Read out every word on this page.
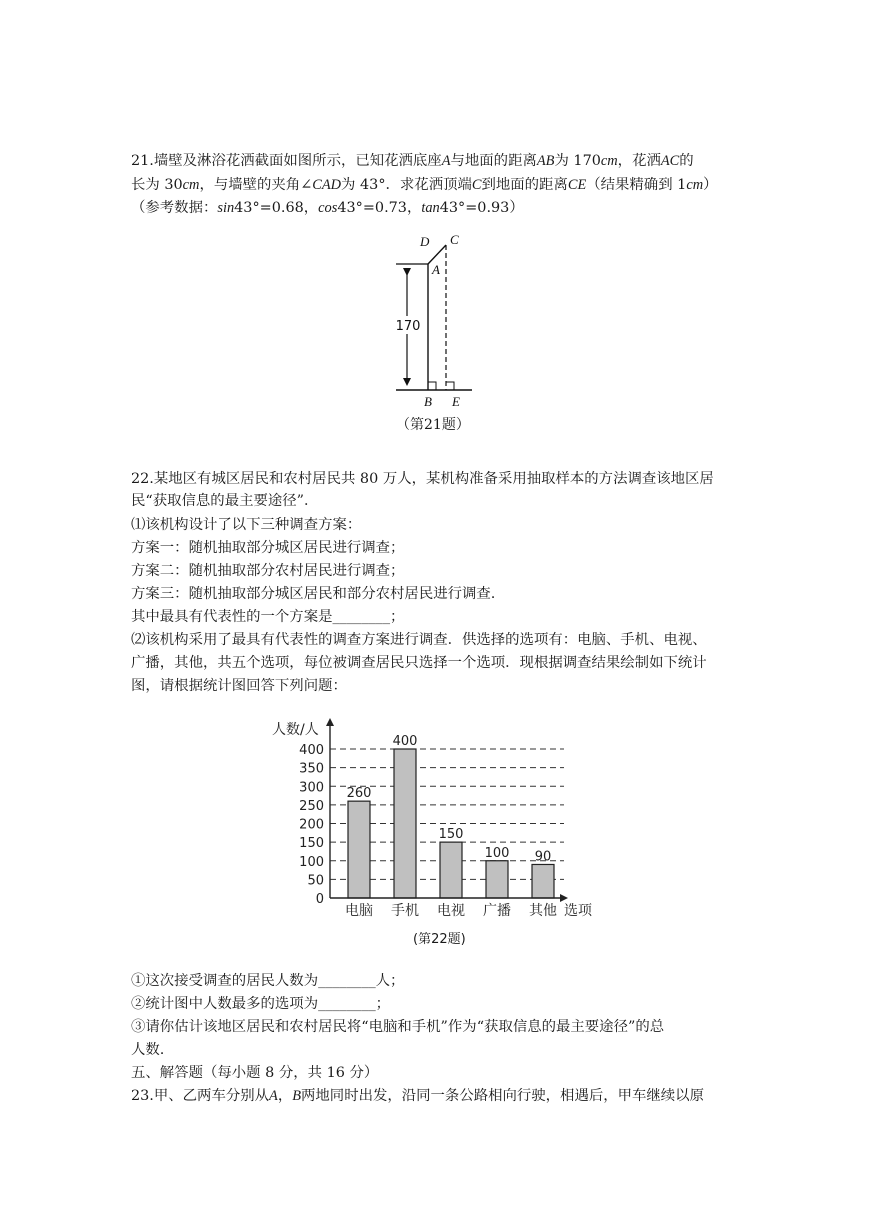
21.墙壁及淋浴花洒截面如图所示，已知花洒底座A与地面的距离AB为 170cm，花洒AC的
长为 30cm，与墙壁的夹角∠CAD为 43°．求花洒顶端C到地面的距离CE（结果精确到 1cm）
（参考数据：sin43°=0.68，cos43°=0.73，tan43°=0.93）
170
D C
A
B E
（第21题）
22.某地区有城区居民和农村居民共 80 万人，某机构准备采用抽取样本的方法调查该地区居
民“获取信息的最主要途径”．
⑴该机构设计了以下三种调查方案：
方案一：随机抽取部分城区居民进行调查；
方案二：随机抽取部分农村居民进行调查；
方案三：随机抽取部分城区居民和部分农村居民进行调查.
其中最具有代表性的一个方案是________；
⑵该机构采用了最具有代表性的调查方案进行调查．供选择的选项有：电脑、手机、电视、
广播，其他，共五个选项，每位被调查居民只选择一个选项．现根据调查结果绘制如下统计
图，请根据统计图回答下列问题：
0
50
100
150
200
250
300
350
400
260
电脑
400
手机
150
电视
100
广播
90
其他
人数/人
选项
(第22题)
①这次接受调查的居民人数为________人；
②统计图中人数最多的选项为________；
③请你估计该地区居民和农村居民将“电脑和手机”作为“获取信息的最主要途径”的总
人数.
五、解答题（每小题 8 分，共 16 分）
23.甲、乙两车分别从A，B两地同时出发，沿同一条公路相向行驶，相遇后，甲车继续以原
